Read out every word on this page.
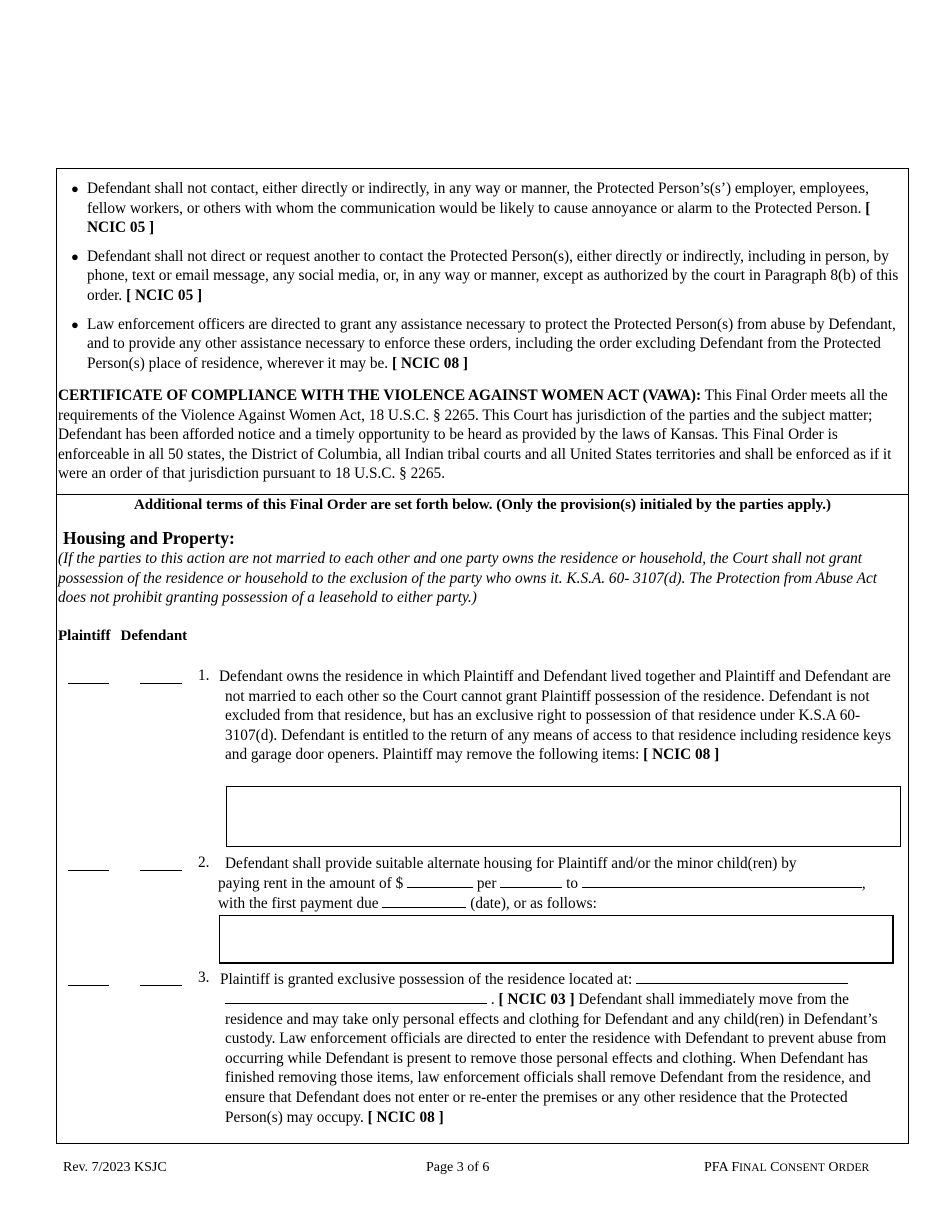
● Defendant shall not contact, either directly or indirectly, in any way or manner, the Protected Person’s(s’) employer, employees, fellow workers, or others with whom the communication would be likely to cause annoyance or alarm to the Protected Person. [ NCIC 05 ]
● Defendant shall not direct or request another to contact the Protected Person(s), either directly or indirectly, including in person, by phone, text or email message, any social media, or, in any way or manner, except as authorized by the court in Paragraph 8(b) of this order. [ NCIC 05 ]
● Law enforcement officers are directed to grant any assistance necessary to protect the Protected Person(s) from abuse by Defendant, and to provide any other assistance necessary to enforce these orders, including the order excluding Defendant from the Protected Person(s) place of residence, wherever it may be. [ NCIC 08 ]
CERTIFICATE OF COMPLIANCE WITH THE VIOLENCE AGAINST WOMEN ACT (VAWA): This Final Order meets all the requirements of the Violence Against Women Act, 18 U.S.C. § 2265. This Court has jurisdiction of the parties and the subject matter; Defendant has been afforded notice and a timely opportunity to be heard as provided by the laws of Kansas. This Final Order is enforceable in all 50 states, the District of Columbia, all Indian tribal courts and all United States territories and shall be enforced as if it were an order of that jurisdiction pursuant to 18 U.S.C. § 2265.
Additional terms of this Final Order are set forth below. (Only the provision(s) initialed by the parties apply.)
Housing and Property:
(If the parties to this action are not married to each other and one party owns the residence or household, the Court shall not grant possession of the residence or household to the exclusion of the party who owns it. K.S.A. 60- 3107(d). The Protection from Abuse Act does not prohibit granting possession of a leasehold to either party.)
Plaintiff Defendant
1. Defendant owns the residence in which Plaintiff and Defendant lived together and Plaintiff and Defendant are not married to each other so the Court cannot grant Plaintiff possession of the residence. Defendant is not excluded from that residence, but has an exclusive right to possession of that residence under K.S.A 60-3107(d). Defendant is entitled to the return of any means of access to that residence including residence keys and garage door openers. Plaintiff may remove the following items: [ NCIC 08 ]
2. Defendant shall provide suitable alternate housing for Plaintiff and/or the minor child(ren) by
paying rent in the amount of $	per	to	,
with the first payment due	(date), or as follows:
3. Plaintiff is granted exclusive possession of the residence located at:
. [ NCIC 03 ] Defendant shall immediately move from the residence and may take only personal effects and clothing for Defendant and any child(ren) in Defendant’s custody. Law enforcement officials are directed to enter the residence with Defendant to prevent abuse from occurring while Defendant is present to remove those personal effects and clothing. When Defendant has finished removing those items, law enforcement officials shall remove Defendant from the residence, and ensure that Defendant does not enter or re-enter the premises or any other residence that the Protected Person(s) may occupy. [ NCIC 08 ]
Rev. 7/2023 KSJC	Page 3 of 6	PFA FINAL CONSENT ORDER
